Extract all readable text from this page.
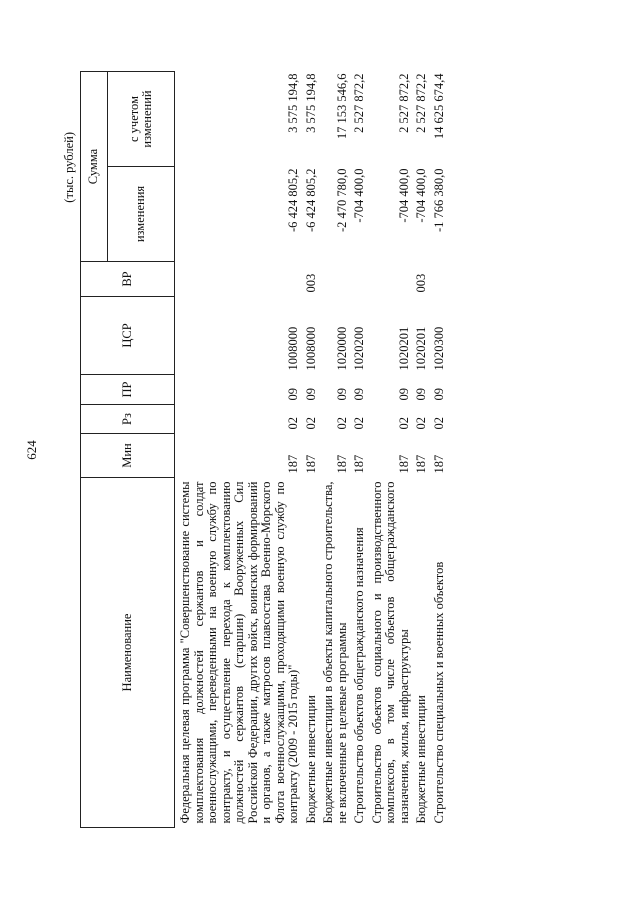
624
(тыс. рублей)
Наименование	Мин	Рз	ПР	ЦСР	ВР	Сумма	
						изменения	с учетом изменений
Федеральная целевая программа "Совершенствование системы комплектования должностей сержантов и солдат военнослужащими, переведенными на военную службу по контракту, и осуществление перехода к комплектованию должностей сержантов (старшин) Вооруженных Сил Российской Федерации, других войск, воинских формирований и органов, а также матросов плавсостава Военно-Морского Флота военнослужащими, проходящими военную службу по контракту (2009 - 2015 годы)"	187	02	09	1008000		-6 424 805,2	3 575 194,8
Бюджетные инвестиции	187	02	09	1008000	003	-6 424 805,2	3 575 194,8
Бюджетные инвестиции в объекты капитального строительства, не включенные в целевые программы	187	02	09	1020000		-2 470 780,0	17 153 546,6
Строительство объектов общегражданского назначения	187	02	09	1020200		-704 400,0	2 527 872,2
Строительство объектов социального и производственного комплексов, в том числе объектов общегражданского назначения, жилья, инфраструктуры	187	02	09	1020201		-704 400,0	2 527 872,2
Бюджетные инвестиции	187	02	09	1020201	003	-704 400,0	2 527 872,2
Строительство специальных и военных объектов	187	02	09	1020300		-1 766 380,0	14 625 674,4
